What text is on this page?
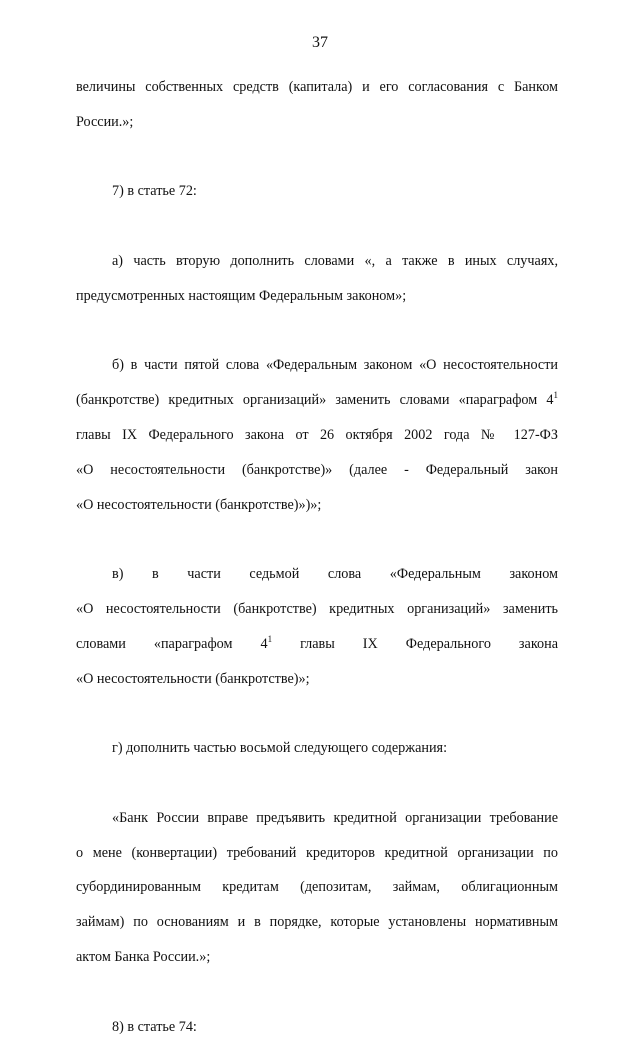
37
величины собственных средств (капитала) и его согласования с Банком
России.»;
7) в статье 72:
а) часть вторую дополнить словами «, а также в иных случаях,
предусмотренных настоящим Федеральным законом»;
б) в части пятой слова «Федеральным законом «О несостоятельности
(банкротстве) кредитных организаций» заменить словами «параграфом $4^1$
главы IX Федерального закона от 26 октября 2002 года № 127-ФЗ
«О несостоятельности (банкротстве)» (далее - Федеральный закон
«О несостоятельности (банкротстве)»)»;
в) в части седьмой слова «Федеральным законом
«О несостоятельности (банкротстве) кредитных организаций» заменить
словами «параграфом $4^1$ главы IX Федерального закона
«О несостоятельности (банкротстве)»;
г) дополнить частью восьмой следующего содержания:
«Банк России вправе предъявить кредитной организации требование
о мене (конвертации) требований кредиторов кредитной организации по
субординированным кредитам (депозитам, займам, облигационным
займам) по основаниям и в порядке, которые установлены нормативным
актом Банка России.»;
8) в статье 74:
